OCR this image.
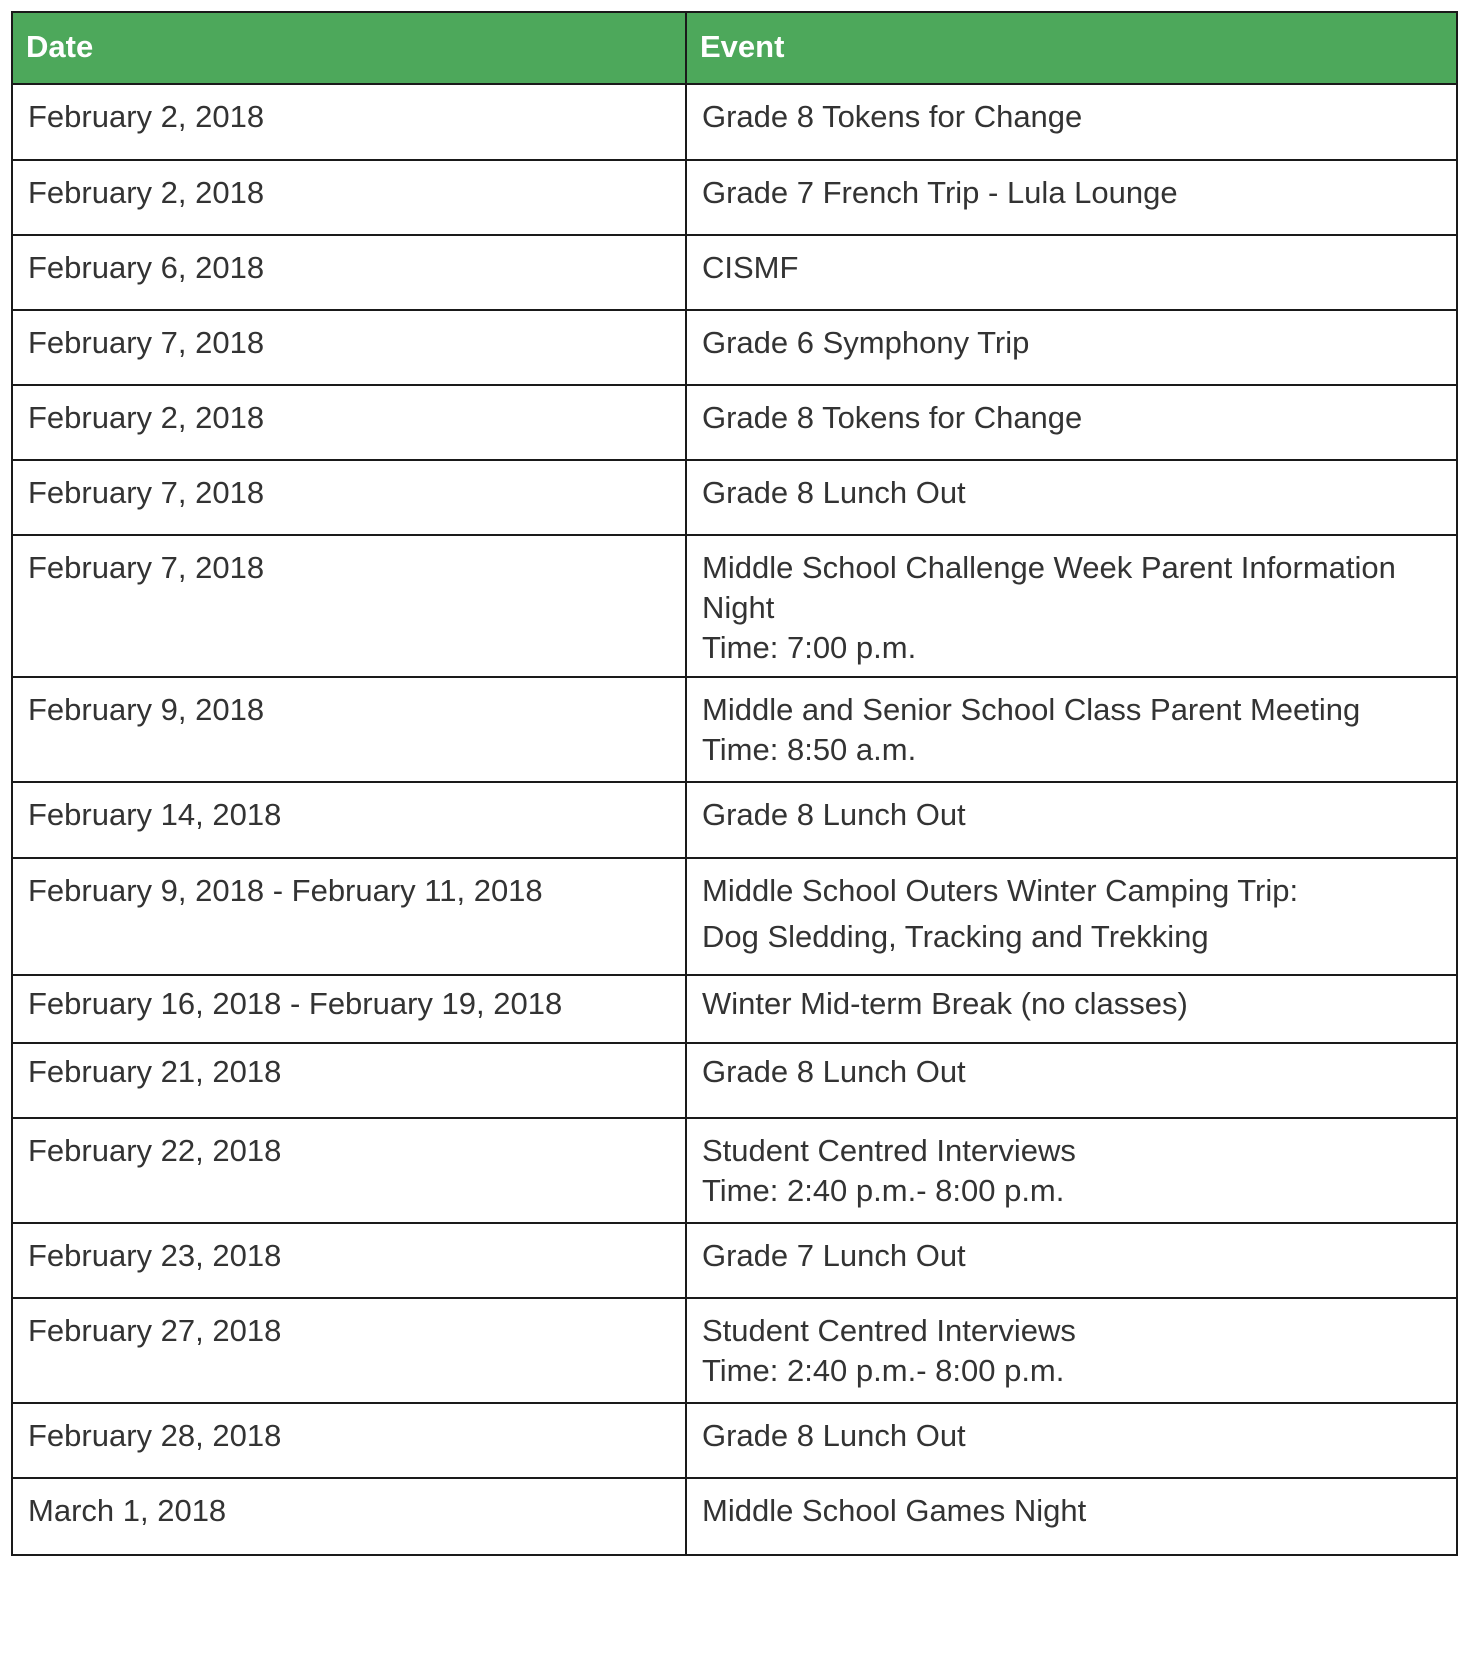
Date	Event
February 2, 2018	Grade 8 Tokens for Change
February 2, 2018	Grade 7 French Trip - Lula Lounge
February 6, 2018	CISMF
February 7, 2018	Grade 6 Symphony Trip
February 2, 2018	Grade 8 Tokens for Change
February 7, 2018	Grade 8 Lunch Out
February 7, 2018	Middle School Challenge Week Parent Information
Night
Time: 7:00 p.m.
February 9, 2018	Middle and Senior School Class Parent Meeting
Time: 8:50 a.m.
February 14, 2018	Grade 8 Lunch Out
February 9, 2018 - February 11, 2018	Middle School Outers Winter Camping Trip:
Dog Sledding, Tracking and Trekking
February 16, 2018 - February 19, 2018	Winter Mid-term Break (no classes)
February 21, 2018	Grade 8 Lunch Out
February 22, 2018	Student Centred Interviews
Time: 2:40 p.m.- 8:00 p.m.
February 23, 2018	Grade 7 Lunch Out
February 27, 2018	Student Centred Interviews
Time: 2:40 p.m.- 8:00 p.m.
February 28, 2018	Grade 8 Lunch Out
March 1, 2018	Middle School Games Night
